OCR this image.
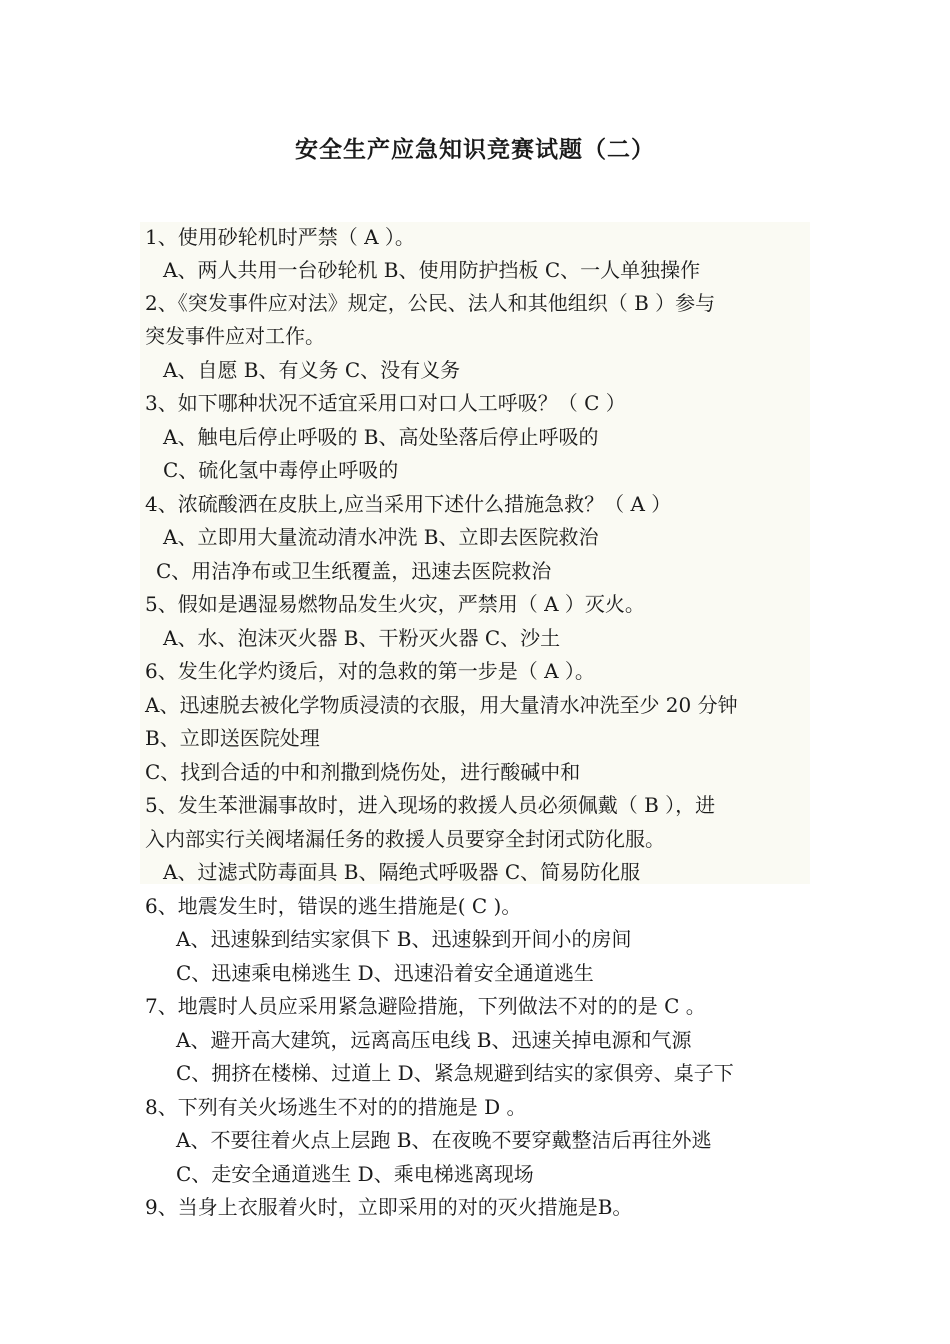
安全生产应急知识竞赛试题（二）
1、使用砂轮机时严禁（ A ）。
A、两人共用一台砂轮机 B、使用防护挡板 C、一人单独操作
2、《突发事件应对法》规定，公民、法人和其他组织（ B ）参与
突发事件应对工作。
A、自愿 B、有义务 C、没有义务
3、如下哪种状况不适宜采用口对口人工呼吸？（ C ）
A、触电后停止呼吸的 B、高处坠落后停止呼吸的
C、硫化氢中毒停止呼吸的
4、浓硫酸洒在皮肤上,应当采用下述什么措施急救？（ A ）
A、立即用大量流动清水冲洗 B、立即去医院救治
C、用洁净布或卫生纸覆盖，迅速去医院救治
5、假如是遇湿易燃物品发生火灾，严禁用（ A ）灭火。
A、水、泡沫灭火器 B、干粉灭火器 C、沙土
6、发生化学灼烫后，对的急救的第一步是（ A ）。
A、迅速脱去被化学物质浸渍的衣服，用大量清水冲洗至少 20 分钟
B、立即送医院处理
C、找到合适的中和剂撒到烧伤处，进行酸碱中和
5、发生苯泄漏事故时，进入现场的救援人员必须佩戴（ B ），进
入内部实行关阀堵漏任务的救援人员要穿全封闭式防化服。
A、过滤式防毒面具 B、隔绝式呼吸器 C、简易防化服
6、地震发生时，错误的逃生措施是( C )。
A、迅速躲到结实家俱下 B、迅速躲到开间小的房间
C、迅速乘电梯逃生 D、迅速沿着安全通道逃生
7、地震时人员应采用紧急避险措施，下列做法不对的的是 C 。
A、避开高大建筑，远离高压电线 B、迅速关掉电源和气源
C、拥挤在楼梯、过道上 D、紧急规避到结实的家俱旁、桌子下
8、下列有关火场逃生不对的的措施是 D 。
A、不要往着火点上层跑 B、在夜晚不要穿戴整洁后再往外逃
C、走安全通道逃生 D、乘电梯逃离现场
9、当身上衣服着火时，立即采用的对的灭火措施是B。
